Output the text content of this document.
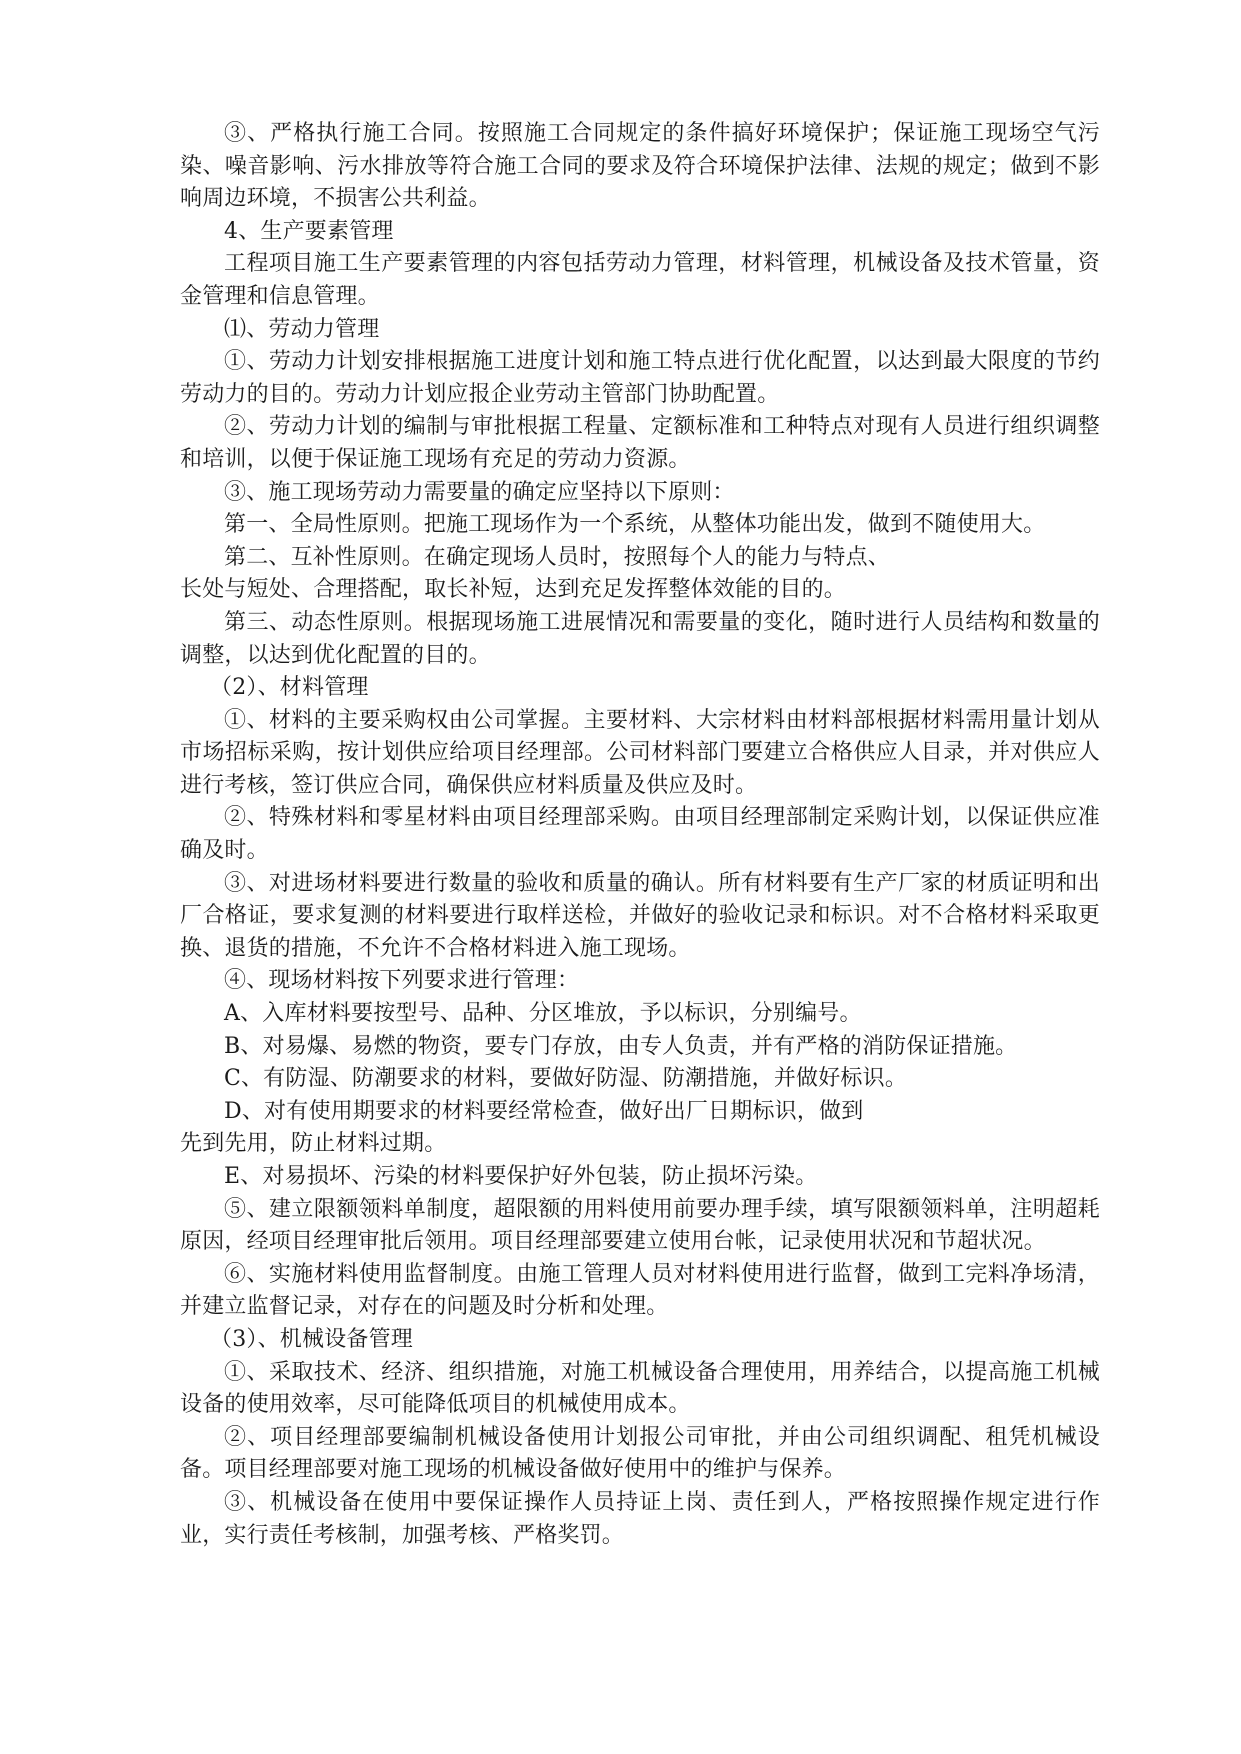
③、严格执行施工合同。按照施工合同规定的条件搞好环境保护；保证施工现场空气污染、噪音影响、污水排放等符合施工合同的要求及符合环境保护法律、法规的规定；做到不影响周边环境，不损害公共利益。

4、生产要素管理

工程项目施工生产要素管理的内容包括劳动力管理，材料管理，机械设备及技术管量，资金管理和信息管理。

⑴、劳动力管理

①、劳动力计划安排根据施工进度计划和施工特点进行优化配置，以达到最大限度的节约劳动力的目的。劳动力计划应报企业劳动主管部门协助配置。

②、劳动力计划的编制与审批根据工程量、定额标准和工种特点对现有人员进行组织调整和培训，以便于保证施工现场有充足的劳动力资源。

③、施工现场劳动力需要量的确定应坚持以下原则：

第一、全局性原则。把施工现场作为一个系统，从整体功能出发，做到不随使用大。

第二、互补性原则。在确定现场人员时，按照每个人的能力与特点、

长处与短处、合理搭配，取长补短，达到充足发挥整体效能的目的。

第三、动态性原则。根据现场施工进展情况和需要量的变化，随时进行人员结构和数量的调整，以达到优化配置的目的。

（2）、材料管理

①、材料的主要采购权由公司掌握。主要材料、大宗材料由材料部根据材料需用量计划从市场招标采购，按计划供应给项目经理部。公司材料部门要建立合格供应人目录，并对供应人进行考核，签订供应合同，确保供应材料质量及供应及时。

②、特殊材料和零星材料由项目经理部采购。由项目经理部制定采购计划，以保证供应准确及时。

③、对进场材料要进行数量的验收和质量的确认。所有材料要有生产厂家的材质证明和出厂合格证，要求复测的材料要进行取样送检，并做好的验收记录和标识。对不合格材料采取更换、退货的措施，不允许不合格材料进入施工现场。

④、现场材料按下列要求进行管理：

A、入库材料要按型号、品种、分区堆放，予以标识，分别编号。

B、对易爆、易燃的物资，要专门存放，由专人负责，并有严格的消防保证措施。

C、有防湿、防潮要求的材料，要做好防湿、防潮措施，并做好标识。

D、对有使用期要求的材料要经常检查，做好出厂日期标识，做到

先到先用，防止材料过期。

E、对易损坏、污染的材料要保护好外包装，防止损坏污染。

⑤、建立限额领料单制度，超限额的用料使用前要办理手续，填写限额领料单，注明超耗原因，经项目经理审批后领用。项目经理部要建立使用台帐，记录使用状况和节超状况。

⑥、实施材料使用监督制度。由施工管理人员对材料使用进行监督，做到工完料净场清，并建立监督记录，对存在的问题及时分析和处理。

（3）、机械设备管理

①、采取技术、经济、组织措施，对施工机械设备合理使用，用养结合，以提高施工机械设备的使用效率，尽可能降低项目的机械使用成本。

②、项目经理部要编制机械设备使用计划报公司审批，并由公司组织调配、租凭机械设备。项目经理部要对施工现场的机械设备做好使用中的维护与保养。

③、机械设备在使用中要保证操作人员持证上岗、责任到人，严格按照操作规定进行作业，实行责任考核制，加强考核、严格奖罚。
